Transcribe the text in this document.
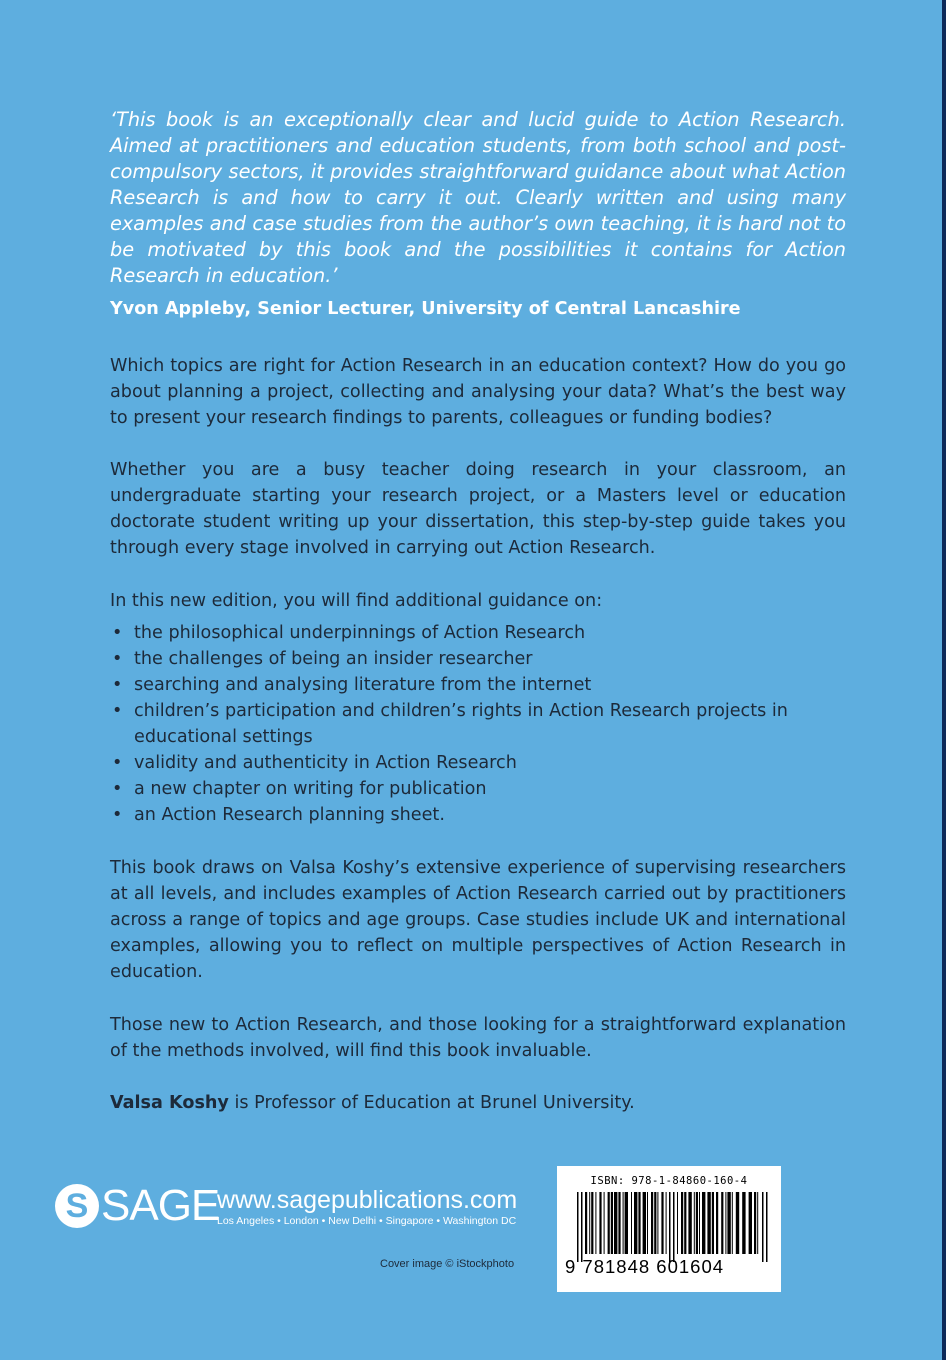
‘This book is an exceptionally clear and lucid guide to Action Research. Aimed at practitioners and education students, from both school and post-compulsory sectors, it provides straightforward guidance about what Action Research is and how to carry it out. Clearly written and using many examples and case studies from the author’s own teaching, it is hard not to be motivated by this book and the possibilities it contains for Action Research in education.’

Yvon Appleby, Senior Lecturer, University of Central Lancashire

Which topics are right for Action Research in an education context? How do you go about planning a project, collecting and analysing your data? What’s the best way to present your research findings to parents, colleagues or funding bodies?

Whether you are a busy teacher doing research in your classroom, an undergraduate starting your research project, or a Masters level or education doctorate student writing up your dissertation, this step-by-step guide takes you through every stage involved in carrying out Action Research.

In this new edition, you will find additional guidance on:

• the philosophical underpinnings of Action Research
• the challenges of being an insider researcher
• searching and analysing literature from the internet
• children’s participation and children’s rights in Action Research projects in educational settings
• validity and authenticity in Action Research
• a new chapter on writing for publication
• an Action Research planning sheet.

This book draws on Valsa Koshy’s extensive experience of supervising researchers at all levels, and includes examples of Action Research carried out by practitioners across a range of topics and age groups. Case studies include UK and international examples, allowing you to reflect on multiple perspectives of Action Research in education.

Those new to Action Research, and those looking for a straightforward explanation of the methods involved, will find this book invaluable.

Valsa Koshy is Professor of Education at Brunel University.

S SAGE
www.sagepublications.com
Los Angeles • London • New Delhi • Singapore • Washington DC
Cover image © iStockphoto
ISBN: 978-1-84860-160-4
9 781848 601604
